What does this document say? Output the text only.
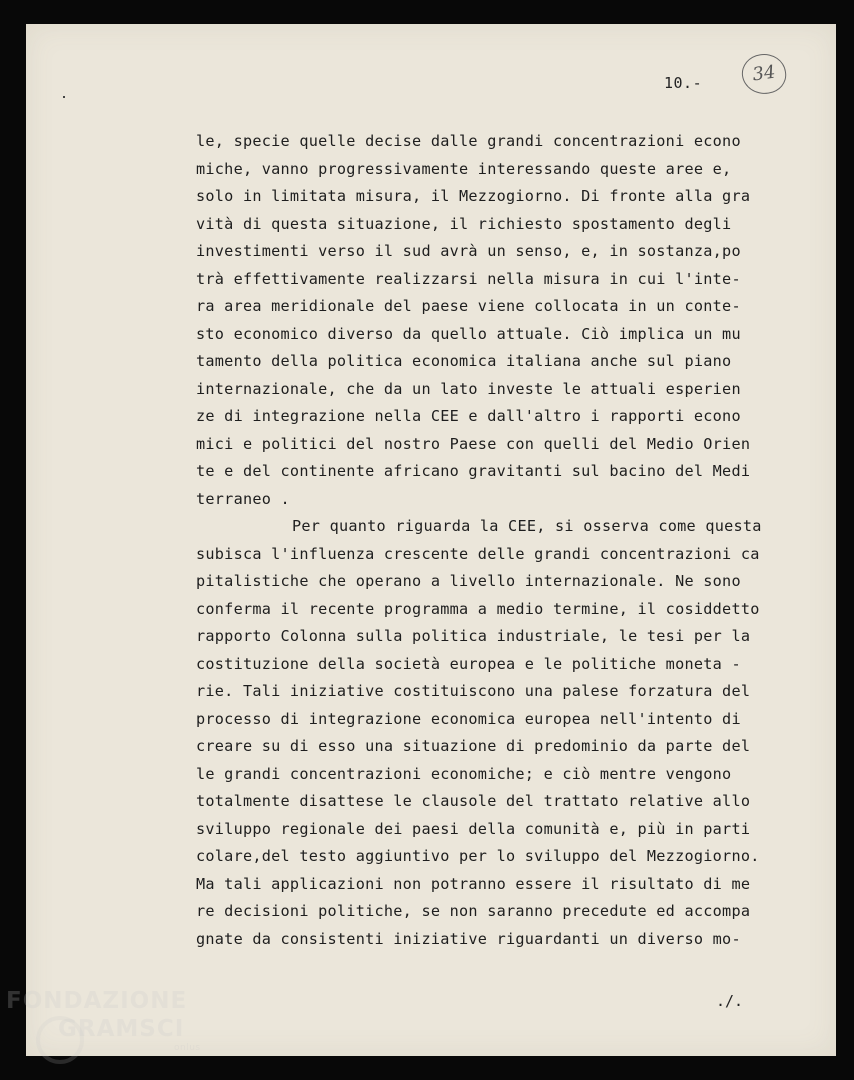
10.-	34
le, specie quelle decise dalle grandi concentrazioni econo
miche, vanno progressivamente interessando queste aree e,
solo in limitata misura, il Mezzogiorno. Di fronte alla gra
vità di questa situazione, il richiesto spostamento degli
investimenti verso il sud avrà un senso, e, in sostanza,po
trà effettivamente realizzarsi nella misura in cui l'inte-
ra area meridionale del paese viene collocata in un conte-
sto economico diverso da quello attuale. Ciò implica un mu
tamento della politica economica italiana anche sul piano
internazionale, che da un lato investe le attuali esperien
ze di integrazione nella CEE e dall'altro i rapporti econo
mici e politici del nostro Paese con quelli del Medio Orien
te e del continente africano gravitanti sul bacino del Medi
terraneo .
Per quanto riguarda la CEE, si osserva come questa
subisca l'influenza crescente delle grandi concentrazioni ca
pitalistiche che operano a livello internazionale. Ne sono
conferma il recente programma a medio termine, il cosiddetto
rapporto Colonna sulla politica industriale, le tesi per la
costituzione della società europea e le politiche moneta -
rie. Tali iniziative costituiscono una palese forzatura del
processo di integrazione economica europea nell'intento di
creare su di esso una situazione di predominio da parte del
le grandi concentrazioni economiche; e ciò mentre vengono
totalmente disattese le clausole del trattato relative allo
sviluppo regionale dei paesi della comunità e, più in parti
colare,del testo aggiuntivo per lo sviluppo del Mezzogiorno.
Ma tali applicazioni non potranno essere il risultato di me
re decisioni politiche, se non saranno precedute ed accompa
gnate da consistenti iniziative riguardanti un diverso mo-
./.
FONDAZIONE
GRAMSCI
onlus
